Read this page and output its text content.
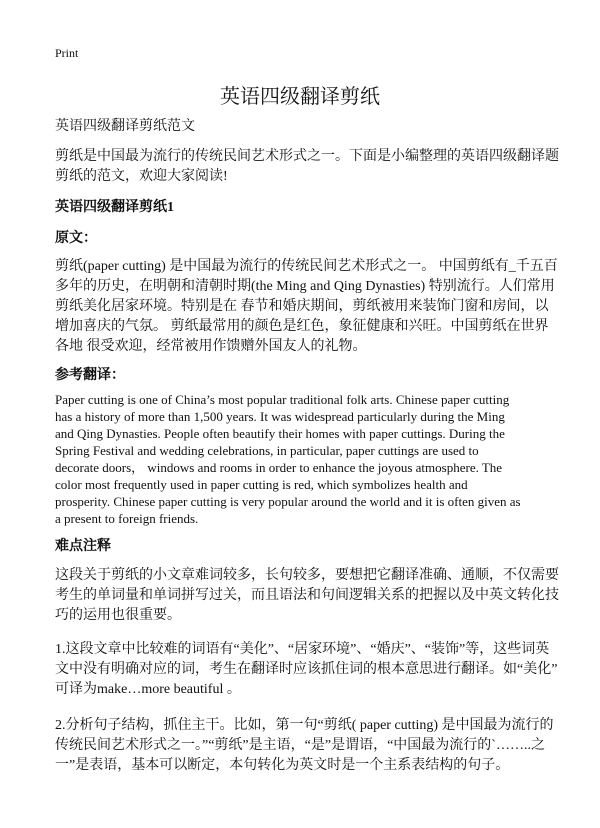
Print
英语四级翻译剪纸
英语四级翻译剪纸范文
剪纸是中国最为流行的传统民间艺术形式之一。下面是小编整理的英语四级翻译题
剪纸的范文，欢迎大家阅读!
英语四级翻译剪纸1
原文：
剪纸(paper cutting) 是中国最为流行的传统民间艺术形式之一。 中国剪纸有_千五百
多年的历史，在明朝和清朝时期(the Ming and Qing Dynasties) 特别流行。人们常用
剪纸美化居家环境。特别是在 春节和婚庆期间，剪纸被用来装饰门窗和房间，以
增加喜庆的气氛。 剪纸最常用的颜色是红色，象征健康和兴旺。中国剪纸在世界
各地 很受欢迎，经常被用作馈赠外国友人的礼物。
参考翻译：
Paper cutting is one of China’s most popular traditional folk arts. Chinese paper cutting
has a history of more than 1,500 years. It was widespread particularly during the Ming
and Qing Dynasties. People often beautify their homes with paper cuttings. During the
Spring Festival and wedding celebrations, in particular, paper cuttings are used to
decorate doors， windows and rooms in order to enhance the joyous atmosphere. The
color most frequently used in paper cutting is red, which symbolizes health and
prosperity. Chinese paper cutting is very popular around the world and it is often given as
a present to foreign friends.
难点注释
这段关于剪纸的小文章难词较多，长句较多，要想把它翻译准确、通顺，不仅需要
考生的单词量和单词拼写过关，而且语法和句间逻辑关系的把握以及中英文转化技
巧的运用也很重要。
1.这段文章中比较难的词语有“美化”、“居家环境”、“婚庆”、“装饰”等，这些词英
文中没有明确对应的词，考生在翻译时应该抓住词的根本意思进行翻译。如“美化”
可译为make…more beautiful 。
2.分析句子结构，抓住主干。比如，第一句“剪纸( paper cutting) 是中国最为流行的
传统民间艺术形式之一。”“剪纸”是主语，“是”是谓语，“中国最为流行的`……..之
一”是表语，基本可以断定，本句转化为英文时是一个主系表结构的句子。
